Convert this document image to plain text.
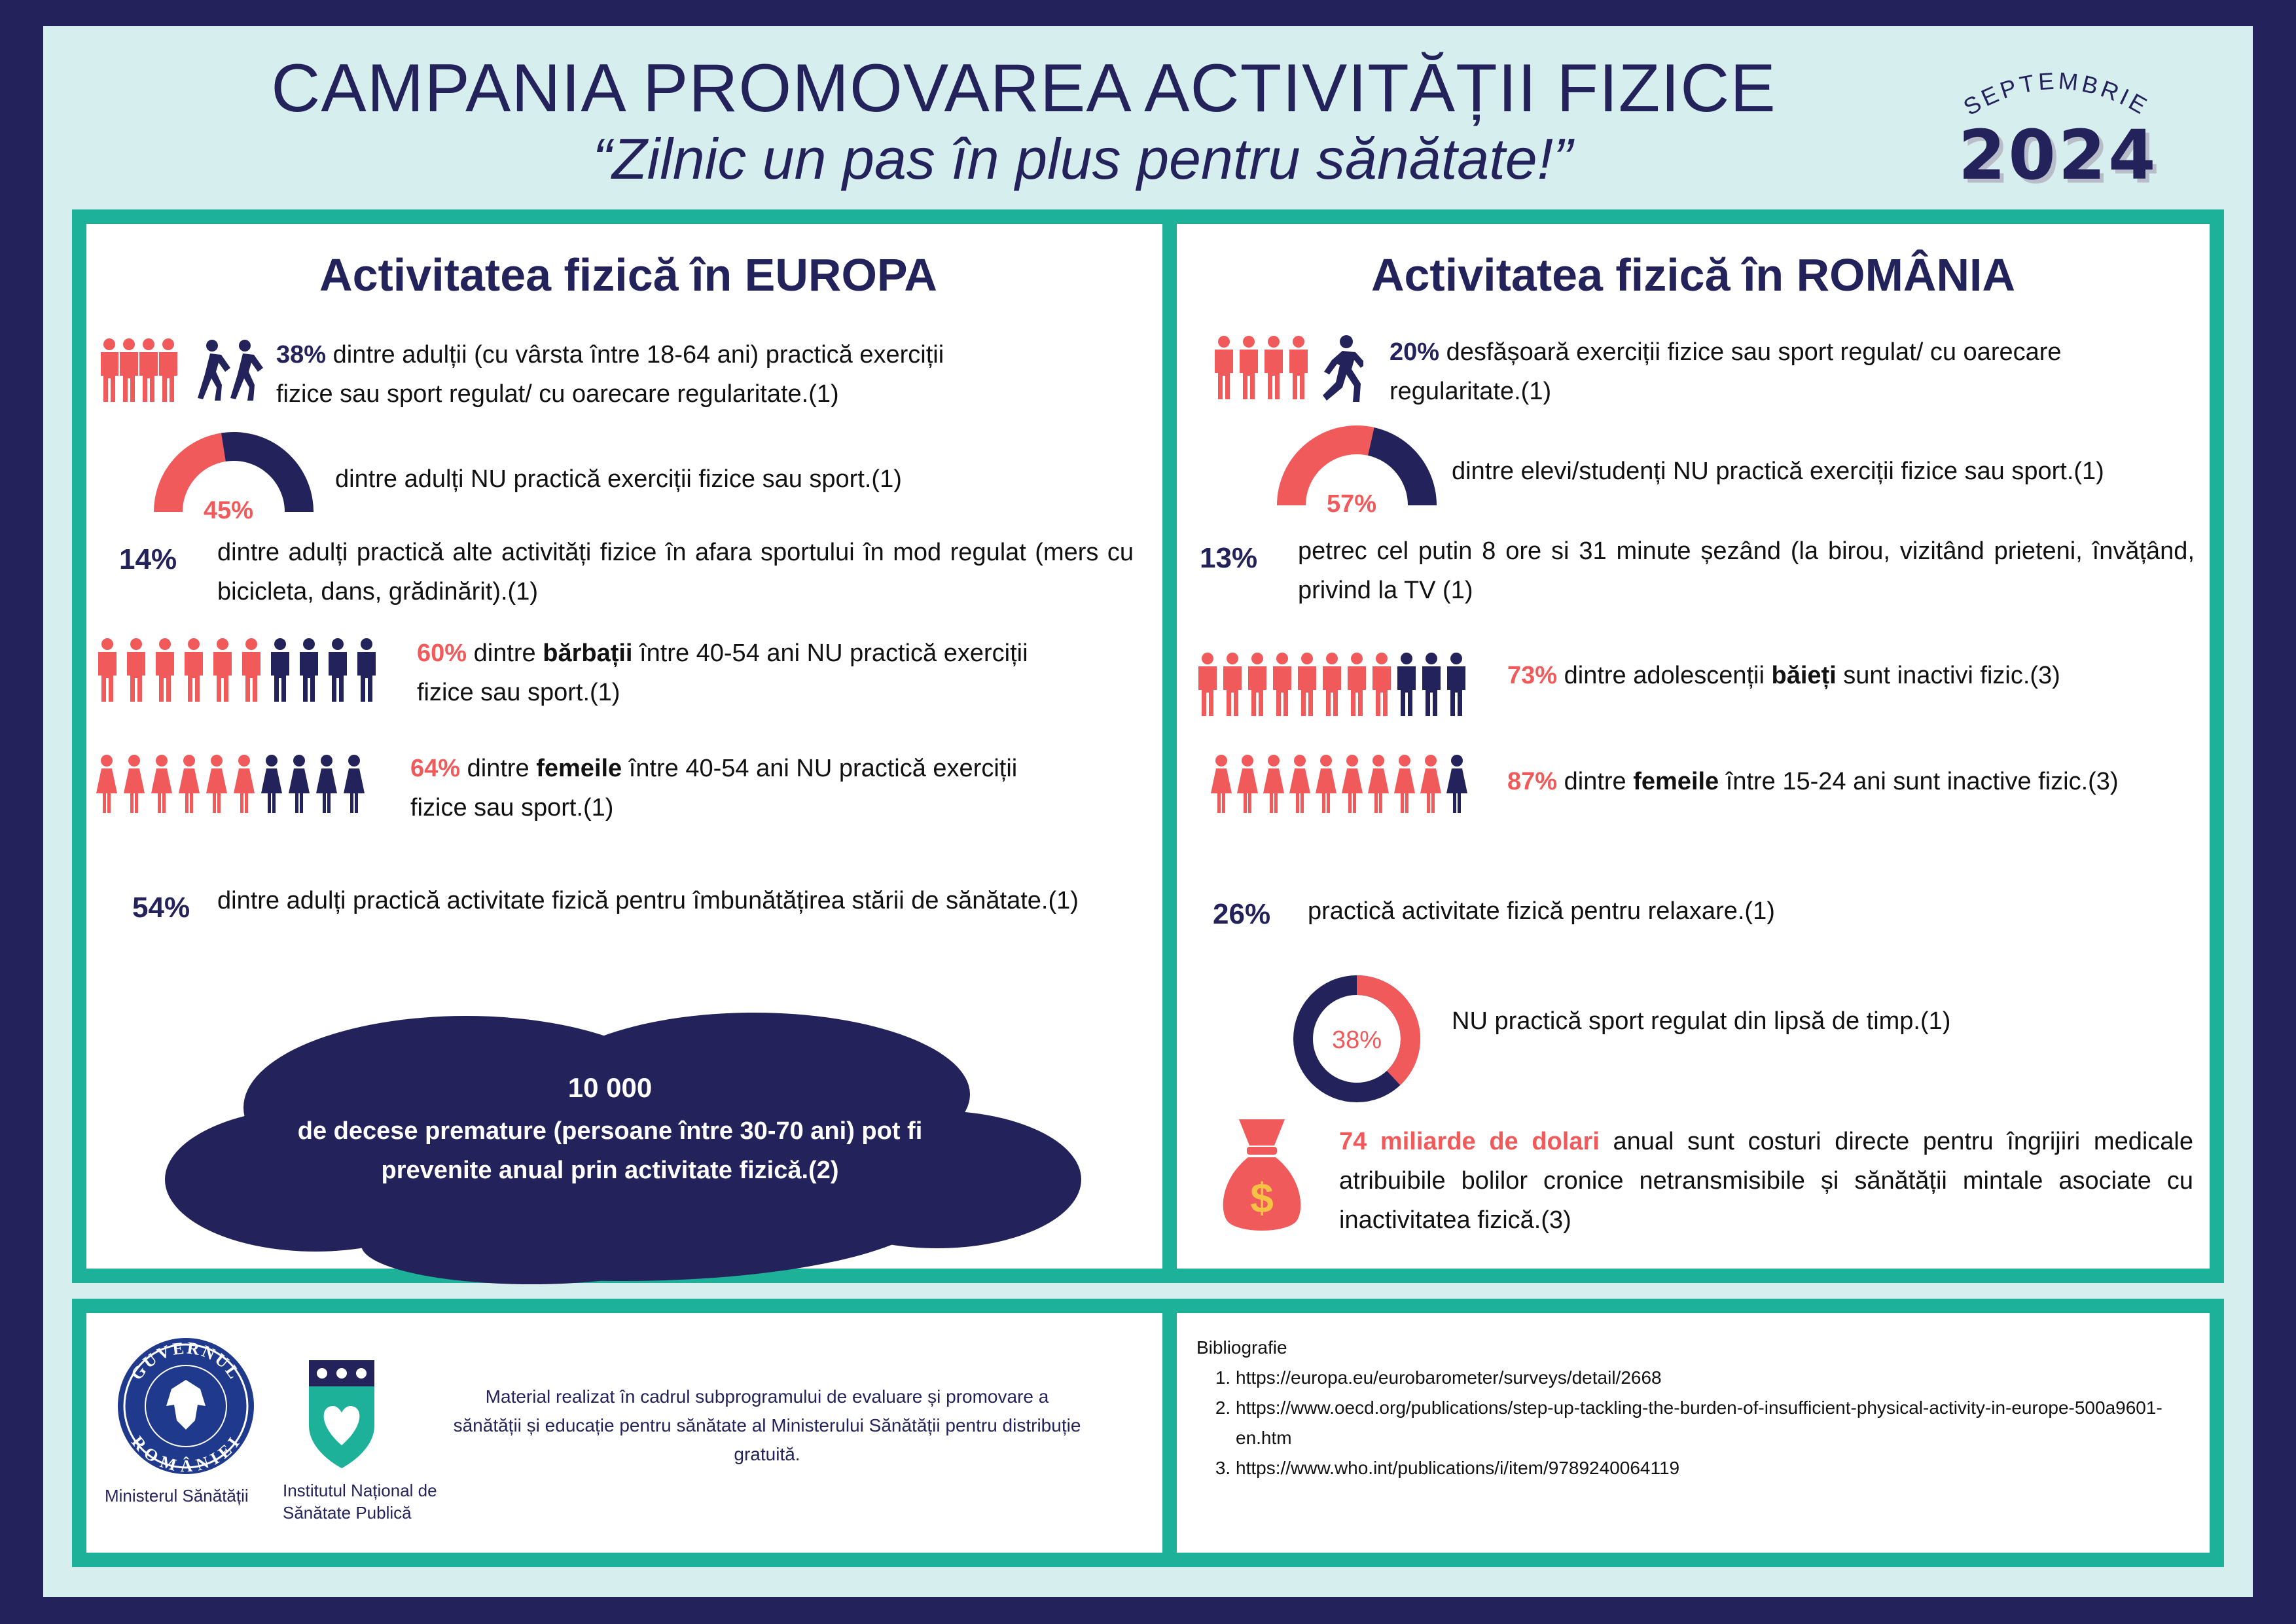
CAMPANIA PROMOVAREA ACTIVITĂȚII FIZICE
“Zilnic un pas în plus pentru sănătate!”
SEPTEMBRIE
2024
Activitatea fizică în EUROPA
38% dintre adulții (cu vârsta între 18-64 ani) practică exerciții fizice sau sport regulat/ cu oarecare regularitate.(1)
45%
dintre adulți NU practică exerciții fizice sau sport.(1)
14% dintre adulți practică alte activități fizice în afara sportului în mod regulat (mers cu bicicleta, dans, grădinărit).(1)
60% dintre bărbații între 40-54 ani NU practică exerciții fizice sau sport.(1)
64% dintre femeile între 40-54 ani NU practică exerciții fizice sau sport.(1)
54% dintre adulți practică activitate fizică pentru îmbunătățirea stării de sănătate.(1)
10 000
de decese premature (persoane între 30-70 ani) pot fi prevenite anual prin activitate fizică.(2)
Activitatea fizică în ROMÂNIA
20% desfășoară exerciții fizice sau sport regulat/ cu oarecare regularitate.(1)
57%
dintre elevi/studenți NU practică exerciții fizice sau sport.(1)
13% petrec cel putin 8 ore si 31 minute șezând (la birou, vizitând prieteni, învățând, privind la TV (1)
73% dintre adolescenții băieți sunt inactivi fizic.(3)
87% dintre femeile între 15-24 ani sunt inactive fizic.(3)
26% practică activitate fizică pentru relaxare.(1)
38%
NU practică sport regulat din lipsă de timp.(1)
$
74 miliarde de dolari anual sunt costuri directe pentru îngrijiri medicale atribuibile bolilor cronice netransmisibile și sănătății mintale asociate cu inactivitatea fizică.(3)
GUVERNUL
ROMÂNIEI
Ministerul Sănătății	Institutul Național de Sănătate Publică
Material realizat în cadrul subprogramului de evaluare și promovare a sănătății și educație pentru sănătate al Ministerului Sănătății pentru distribuție gratuită.
Bibliografie
1. https://europa.eu/eurobarometer/surveys/detail/2668
2. https://www.oecd.org/publications/step-up-tackling-the-burden-of-insufficient-physical-activity-in-europe-500a9601-en.htm
3. https://www.who.int/publications/i/item/9789240064119
